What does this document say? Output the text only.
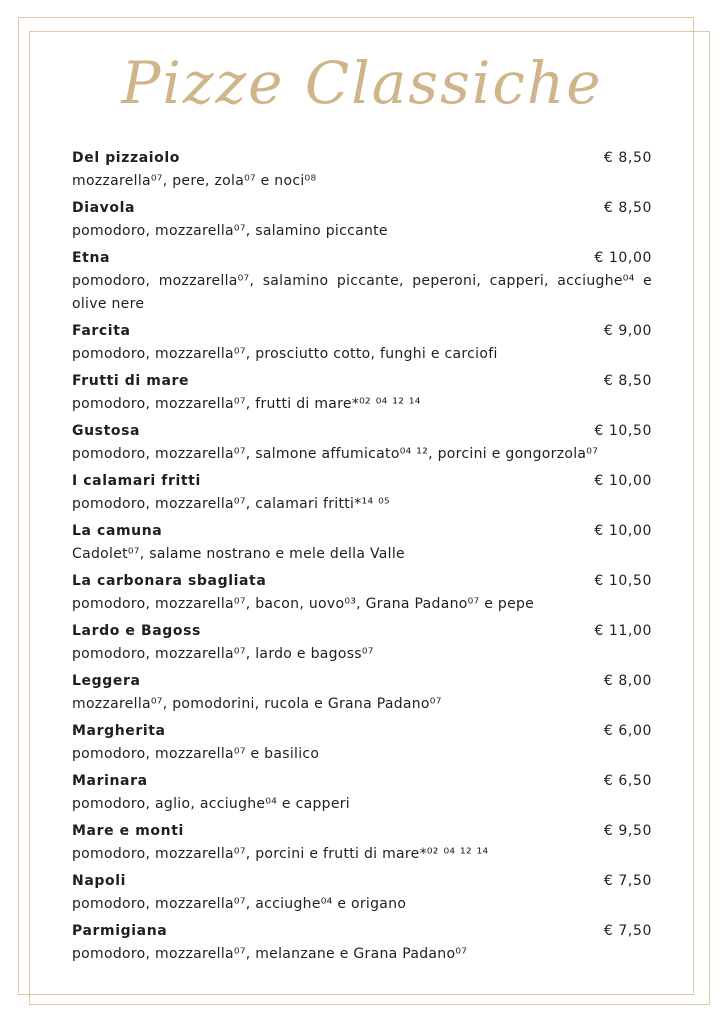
Pizze Classiche
Del pizzaiolo	€ 8,50
mozzarella⁰⁷, pere, zola⁰⁷ e noci⁰⁸
Diavola	€ 8,50
pomodoro, mozzarella⁰⁷, salamino piccante
Etna	€ 10,00
pomodoro, mozzarella⁰⁷, salamino piccante, peperoni, capperi, acciughe⁰⁴ e olive nere
Farcita	€ 9,00
pomodoro, mozzarella⁰⁷, prosciutto cotto, funghi e carciofi
Frutti di mare	€ 8,50
pomodoro, mozzarella⁰⁷, frutti di mare*⁰² ⁰⁴ ¹² ¹⁴
Gustosa	€ 10,50
pomodoro, mozzarella⁰⁷, salmone affumicato⁰⁴ ¹², porcini e gongorzola⁰⁷
I calamari fritti	€ 10,00
pomodoro, mozzarella⁰⁷, calamari fritti*¹⁴ ⁰⁵
La camuna	€ 10,00
Cadolet⁰⁷, salame nostrano e mele della Valle
La carbonara sbagliata	€ 10,50
pomodoro, mozzarella⁰⁷, bacon, uovo⁰³, Grana Padano⁰⁷ e pepe
Lardo e Bagoss	€ 11,00
pomodoro, mozzarella⁰⁷, lardo e bagoss⁰⁷
Leggera	€ 8,00
mozzarella⁰⁷, pomodorini, rucola e Grana Padano⁰⁷
Margherita	€ 6,00
pomodoro, mozzarella⁰⁷ e basilico
Marinara	€ 6,50
pomodoro, aglio, acciughe⁰⁴ e capperi
Mare e monti	€ 9,50
pomodoro, mozzarella⁰⁷, porcini e frutti di mare*⁰² ⁰⁴ ¹² ¹⁴
Napoli	€ 7,50
pomodoro, mozzarella⁰⁷, acciughe⁰⁴ e origano
Parmigiana	€ 7,50
pomodoro, mozzarella⁰⁷, melanzane e Grana Padano⁰⁷
